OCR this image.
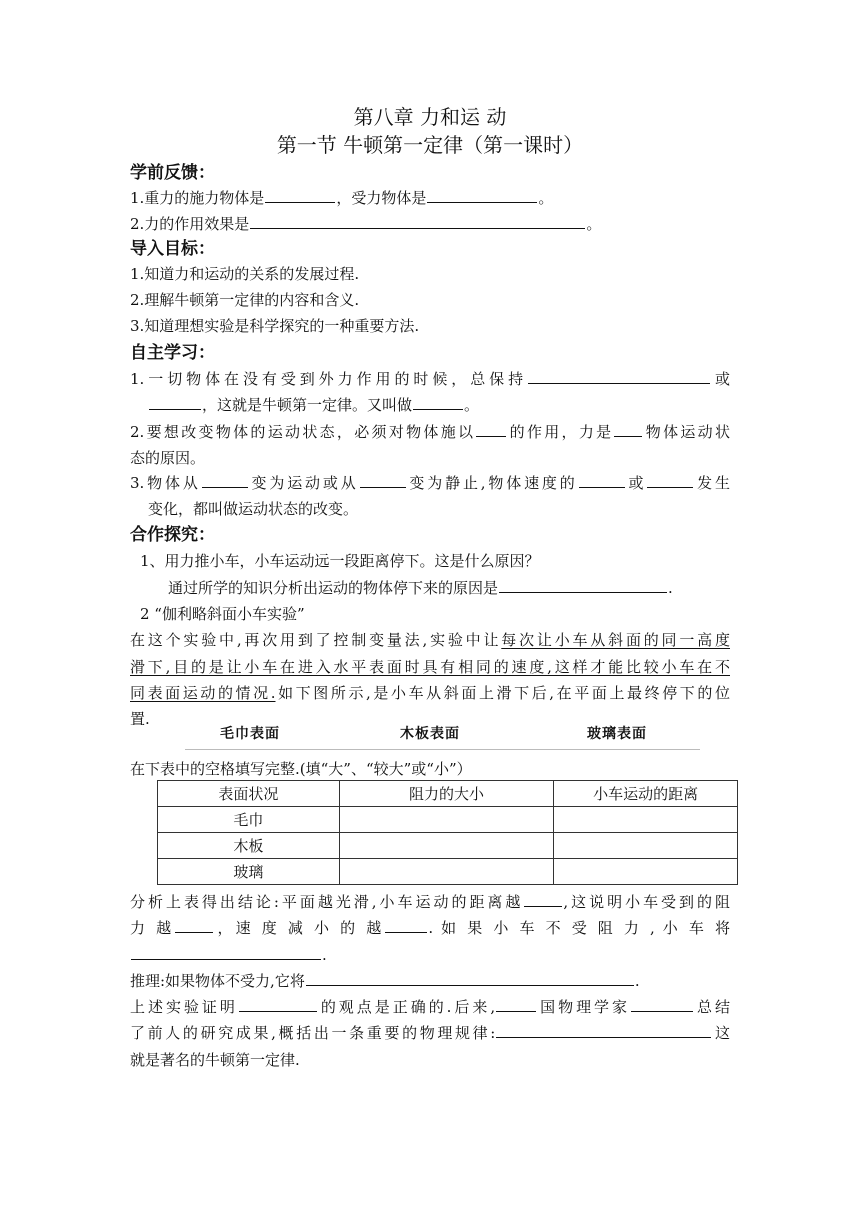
第八章 力和运 动
第一节 牛顿第一定律（第一课时）
学前反馈：
1.重力的施力物体是	，受力物体是	。
2.力的作用效果是	。
导入目标：
1.知道力和运动的关系的发展过程.
2.理解牛顿第一定律的内容和含义.
3.知道理想实验是科学探究的一种重要方法.
自主学习：
1.一切物体在没有受到外力作用的时候，总保持	或
，这就是牛顿第一定律。又叫做	。
2.要想改变物体的运动状态，必须对物体施以 的作用，力是 物体运动状
态的原因。
3.物体从	变为运动或从	变为静止,物体速度的	或	发生
变化，都叫做运动状态的改变。
合作探究：
1、用力推小车，小车运动远一段距离停下。这是什么原因？
通过所学的知识分析出运动的物体停下来的原因是	.
2 “伽利略斜面小车实验”
在这个实验中,再次用到了控制变量法,实验中让每次让小车从斜面的同一高度
滑下,目的是让小车在进入水平表面时具有相同的速度,这样才能比较小车在不
同表面运动的情况.如下图所示,是小车从斜面上滑下后,在平面上最终停下的位
置.
毛巾表面	木板表面	玻璃表面
在下表中的空格填写完整.(填“大”、“较大”或“小”）
表面状况	阻力的大小	小车运动的距离
毛巾		
木板		
玻璃		
分析上表得出结论:平面越光滑,小车运动的距离越	,这说明小车受到的阻
力 越	，速 度 减 小 的 越	. 如 果 小 车 不 受 阻 力 , 小 车 将
.
推理:如果物体不受力,它将	.
上述实验证明	的观点是正确的.后来,	国物理学家	总结
了前人的研究成果,概括出一条重要的物理规律:	这
就是著名的牛顿第一定律.
